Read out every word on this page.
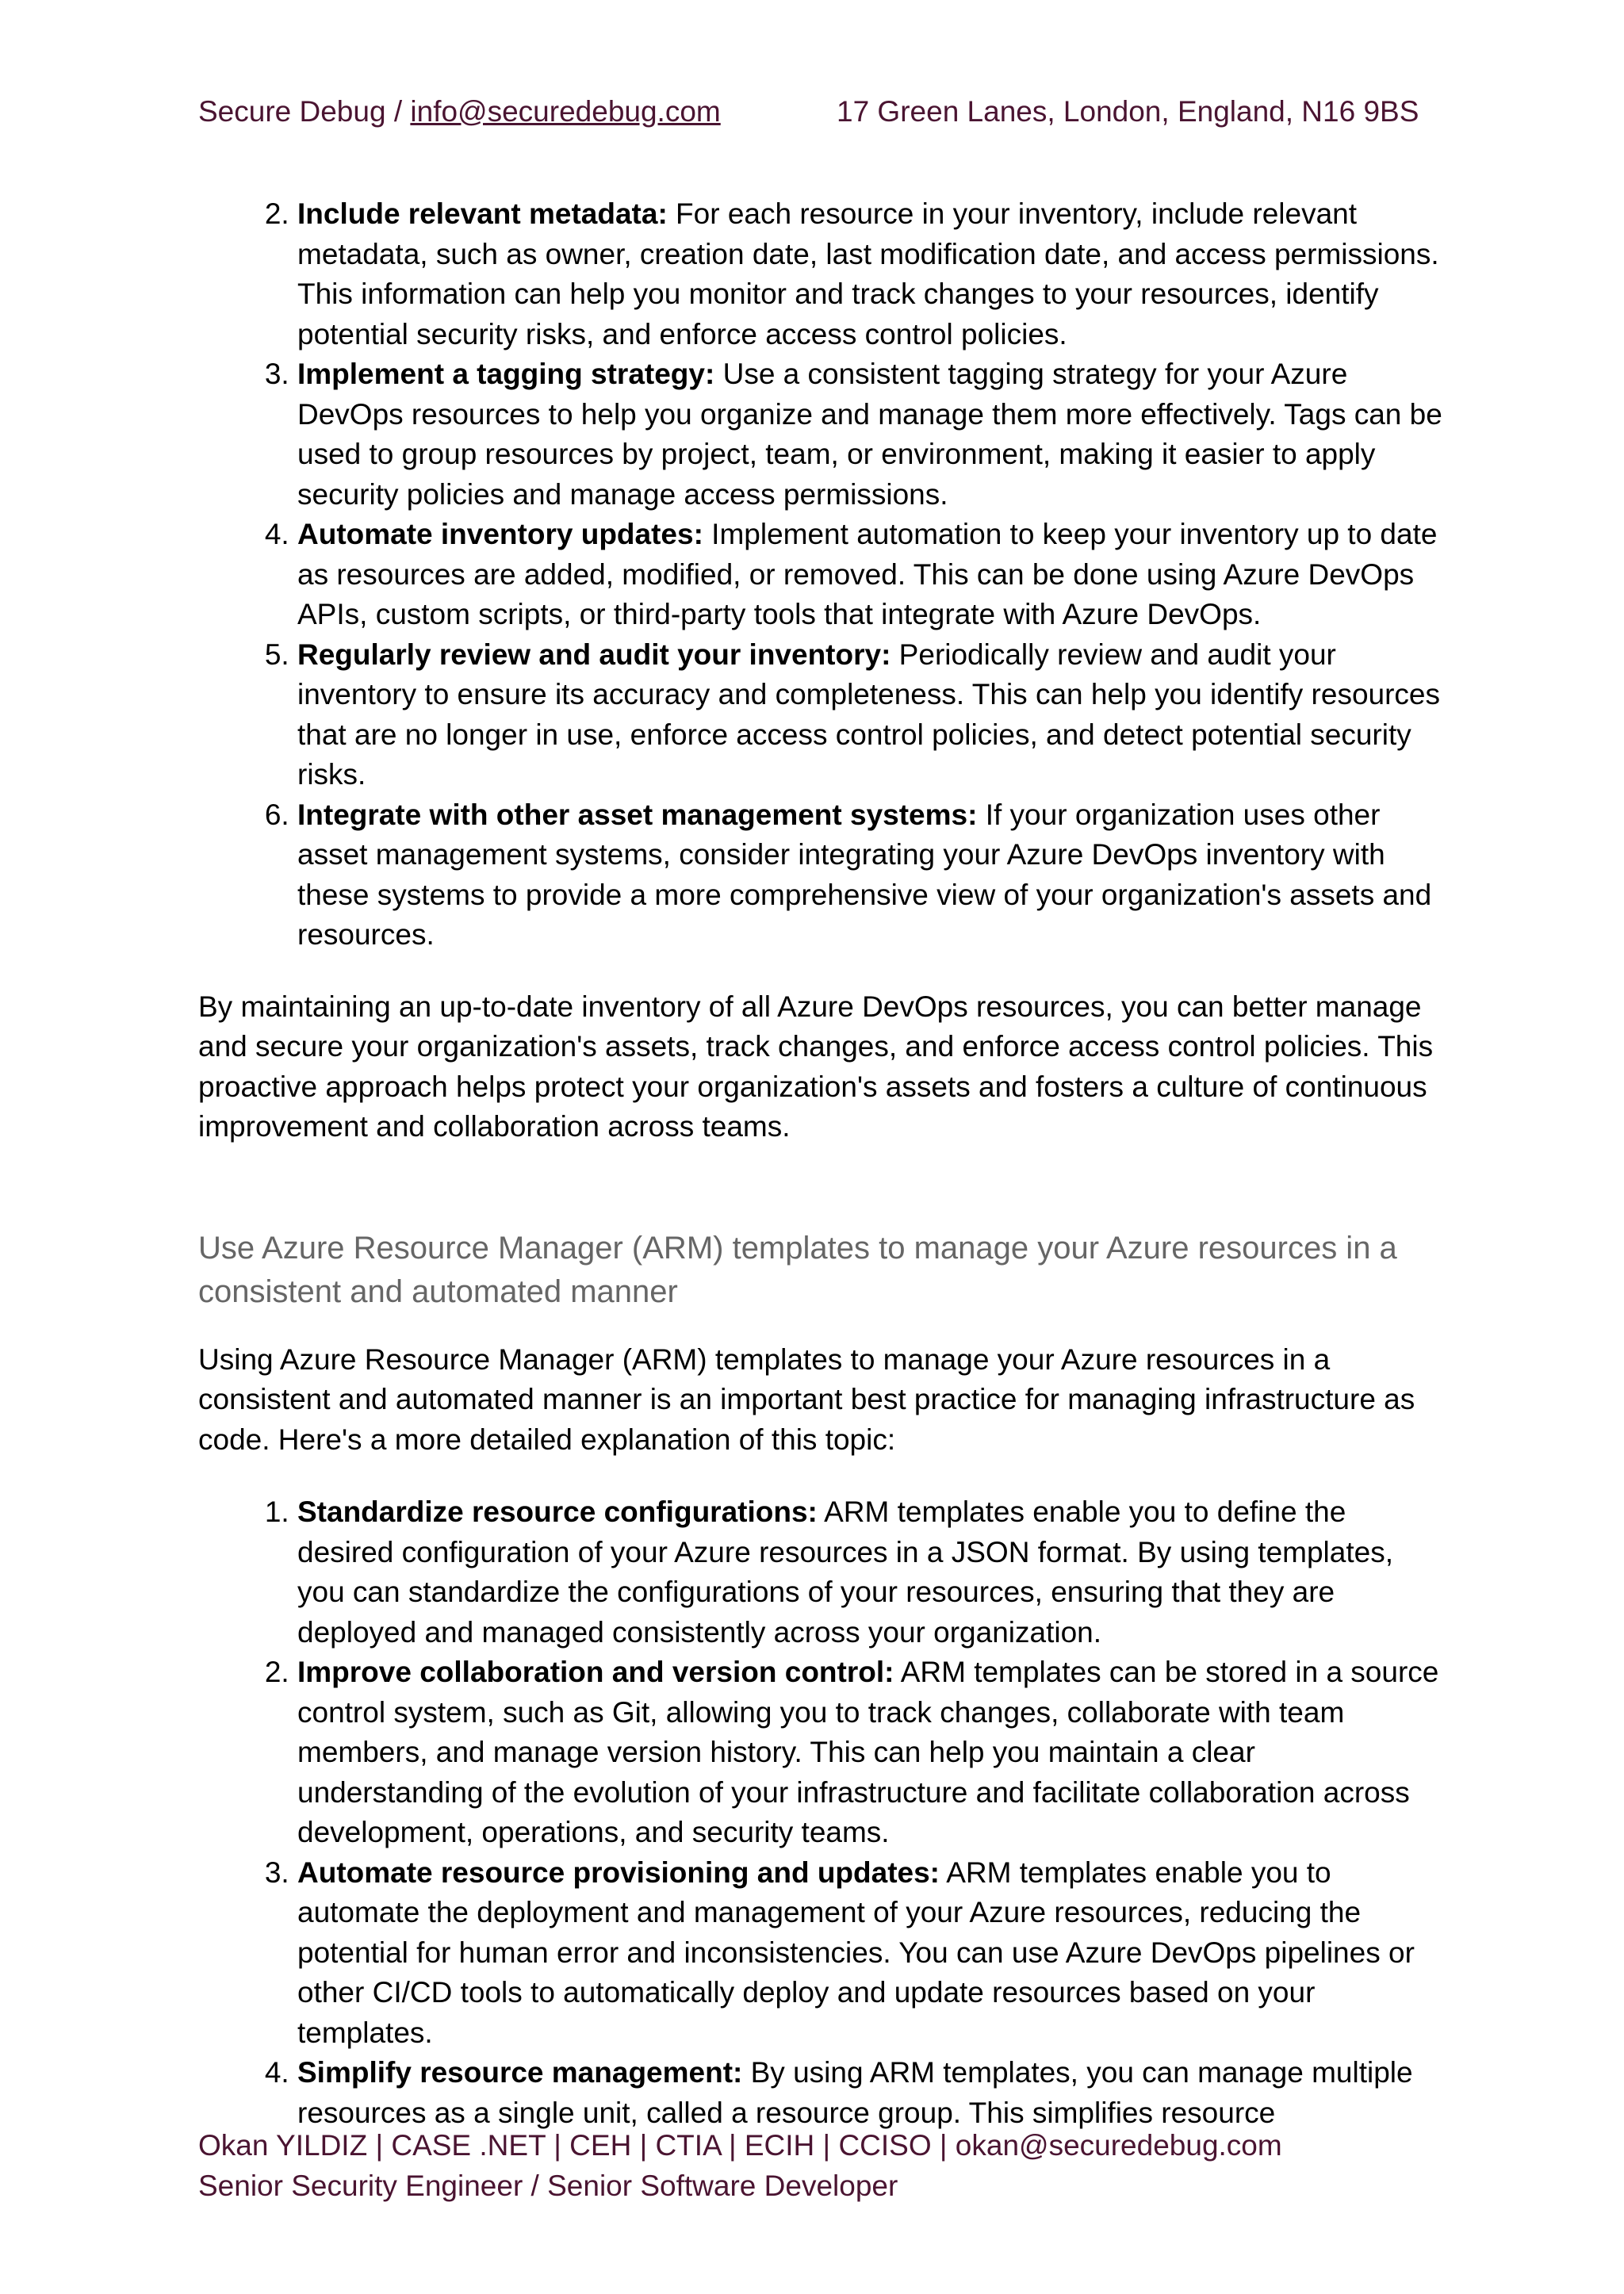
Secure Debug / info@securedebug.com	17 Green Lanes, London, England, N16 9BS
2. Include relevant metadata: For each resource in your inventory, include relevant metadata, such as owner, creation date, last modification date, and access permissions. This information can help you monitor and track changes to your resources, identify potential security risks, and enforce access control policies.
3. Implement a tagging strategy: Use a consistent tagging strategy for your Azure DevOps resources to help you organize and manage them more effectively. Tags can be used to group resources by project, team, or environment, making it easier to apply security policies and manage access permissions.
4. Automate inventory updates: Implement automation to keep your inventory up to date as resources are added, modified, or removed. This can be done using Azure DevOps APIs, custom scripts, or third-party tools that integrate with Azure DevOps.
5. Regularly review and audit your inventory: Periodically review and audit your inventory to ensure its accuracy and completeness. This can help you identify resources that are no longer in use, enforce access control policies, and detect potential security risks.
6. Integrate with other asset management systems: If your organization uses other asset management systems, consider integrating your Azure DevOps inventory with these systems to provide a more comprehensive view of your organization's assets and resources.

By maintaining an up-to-date inventory of all Azure DevOps resources, you can better manage and secure your organization's assets, track changes, and enforce access control policies. This proactive approach helps protect your organization's assets and fosters a culture of continuous improvement and collaboration across teams.

Use Azure Resource Manager (ARM) templates to manage your Azure resources in a consistent and automated manner

Using Azure Resource Manager (ARM) templates to manage your Azure resources in a consistent and automated manner is an important best practice for managing infrastructure as code. Here's a more detailed explanation of this topic:

1. Standardize resource configurations: ARM templates enable you to define the desired configuration of your Azure resources in a JSON format. By using templates, you can standardize the configurations of your resources, ensuring that they are deployed and managed consistently across your organization.
2. Improve collaboration and version control: ARM templates can be stored in a source control system, such as Git, allowing you to track changes, collaborate with team members, and manage version history. This can help you maintain a clear understanding of the evolution of your infrastructure and facilitate collaboration across development, operations, and security teams.
3. Automate resource provisioning and updates: ARM templates enable you to automate the deployment and management of your Azure resources, reducing the potential for human error and inconsistencies. You can use Azure DevOps pipelines or other CI/CD tools to automatically deploy and update resources based on your templates.
4. Simplify resource management: By using ARM templates, you can manage multiple resources as a single unit, called a resource group. This simplifies resource
Okan YILDIZ | CASE .NET | CEH | CTIA | ECIH | CCISO | okan@securedebug.com
Senior Security Engineer / Senior Software Developer
